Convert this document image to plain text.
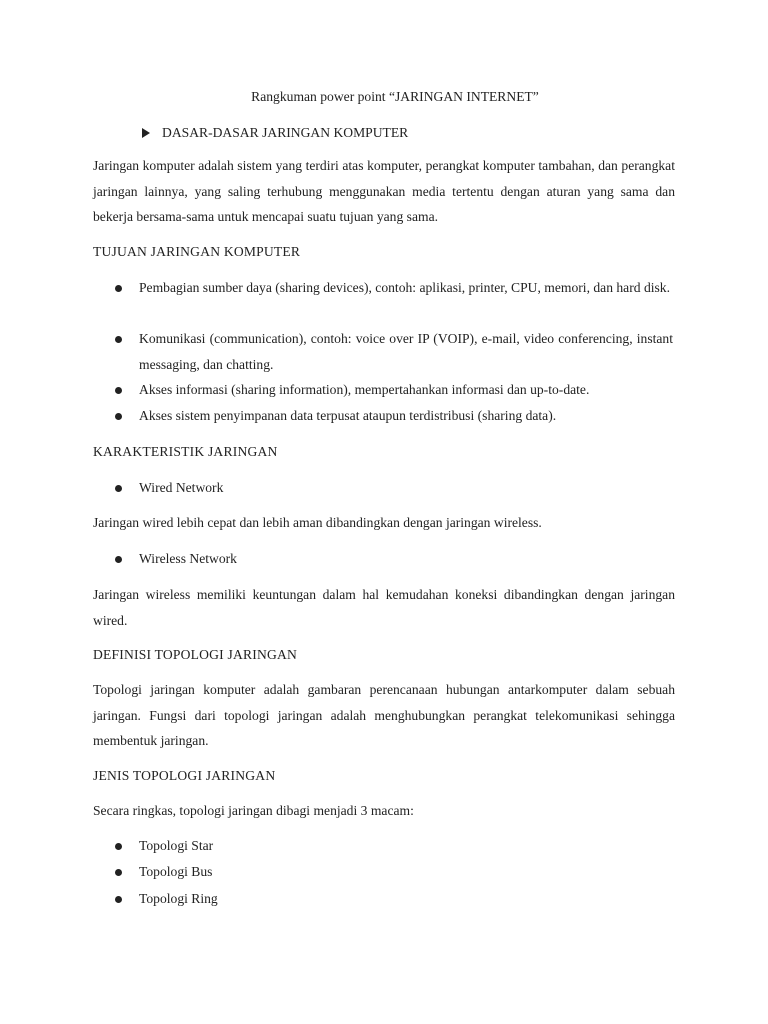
Rangkuman power point “JARINGAN INTERNET”
DASAR-DASAR JARINGAN KOMPUTER
Jaringan komputer adalah sistem yang terdiri atas komputer, perangkat komputer tambahan, dan perangkat jaringan lainnya, yang saling terhubung menggunakan media tertentu dengan aturan yang sama dan bekerja bersama-sama untuk mencapai suatu tujuan yang sama.
TUJUAN JARINGAN KOMPUTER
Pembagian sumber daya (sharing devices), contoh: aplikasi, printer, CPU, memori, dan hard disk.
Komunikasi (communication), contoh: voice over IP (VOIP), e-mail, video conferencing, instant messaging, dan chatting.
Akses informasi (sharing information), mempertahankan informasi dan up-to-date.
Akses sistem penyimpanan data terpusat ataupun terdistribusi (sharing data).
KARAKTERISTIK JARINGAN
Wired Network
Jaringan wired lebih cepat dan lebih aman dibandingkan dengan jaringan wireless.
Wireless Network
Jaringan wireless memiliki keuntungan dalam hal kemudahan koneksi dibandingkan dengan jaringan wired.
DEFINISI TOPOLOGI JARINGAN
Topologi jaringan komputer adalah gambaran perencanaan hubungan antarkomputer dalam sebuah jaringan. Fungsi dari topologi jaringan adalah menghubungkan perangkat telekomunikasi sehingga membentuk jaringan.
JENIS TOPOLOGI JARINGAN
Secara ringkas, topologi jaringan dibagi menjadi 3 macam:
Topologi Star
Topologi Bus
Topologi Ring
